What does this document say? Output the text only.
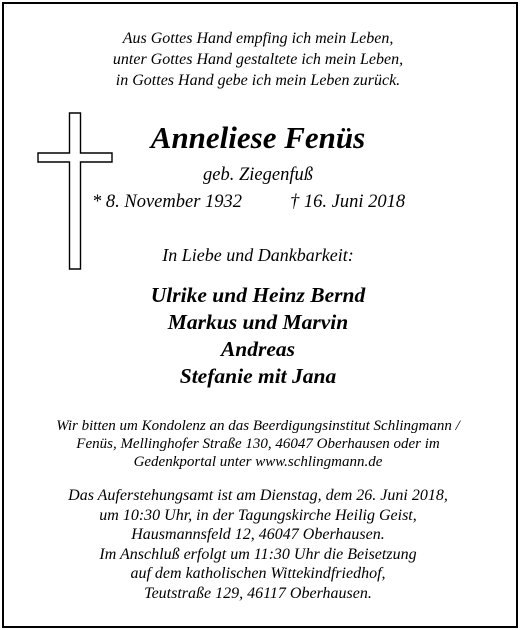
Aus Gottes Hand empfing ich mein Leben,
unter Gottes Hand gestaltete ich mein Leben,
in Gottes Hand gebe ich mein Leben zurück.
Anneliese Fenüs
geb. Ziegenfuß
* 8. November 1932	† 16. Juni 2018
In Liebe und Dankbarkeit:
Ulrike und Heinz Bernd
Markus und Marvin
Andreas
Stefanie mit Jana
Wir bitten um Kondolenz an das Beerdigungsinstitut Schlingmann /
Fenüs, Mellinghofer Straße 130, 46047 Oberhausen oder im
Gedenkportal unter www.schlingmann.de
Das Auferstehungsamt ist am Dienstag, dem 26. Juni 2018,
um 10:30 Uhr, in der Tagungskirche Heilig Geist,
Hausmannsfeld 12, 46047 Oberhausen.
Im Anschluß erfolgt um 11:30 Uhr die Beisetzung
auf dem katholischen Wittekindfriedhof,
Teutstraße 129, 46117 Oberhausen.
